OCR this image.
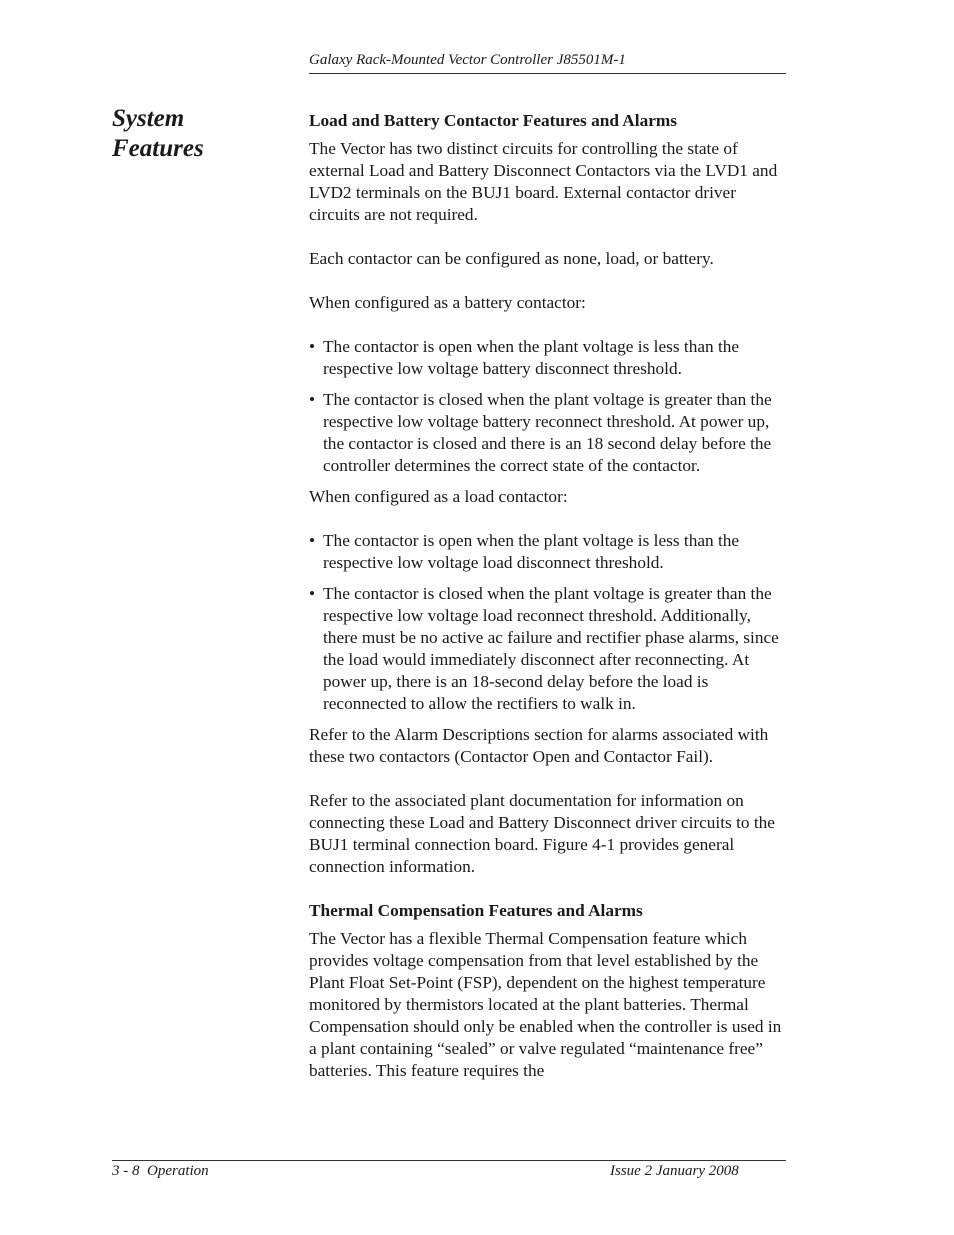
Galaxy Rack-Mounted Vector Controller J85501M-1
System
Features
Load and Battery Contactor Features and Alarms

The Vector has two distinct circuits for controlling the state of external Load and Battery Disconnect Contactors via the LVD1 and LVD2 terminals on the BUJ1 board. External contactor driver circuits are not required.

Each contactor can be configured as none, load, or battery.

When configured as a battery contactor:

• The contactor is open when the plant voltage is less than the respective low voltage battery disconnect threshold.
• The contactor is closed when the plant voltage is greater than the respective low voltage battery reconnect threshold. At power up, the contactor is closed and there is an 18 second delay before the controller determines the correct state of the contactor.

When configured as a load contactor:

• The contactor is open when the plant voltage is less than the respective low voltage load disconnect threshold.
• The contactor is closed when the plant voltage is greater than the respective low voltage load reconnect threshold. Additionally, there must be no active ac failure and rectifier phase alarms, since the load would immediately disconnect after reconnecting. At power up, there is an 18-second delay before the load is reconnected to allow the rectifiers to walk in.

Refer to the Alarm Descriptions section for alarms associated with these two contactors (Contactor Open and Contactor Fail).

Refer to the associated plant documentation for information on connecting these Load and Battery Disconnect driver circuits to the BUJ1 terminal connection board. Figure 4-1 provides general connection information.

Thermal Compensation Features and Alarms

The Vector has a flexible Thermal Compensation feature which provides voltage compensation from that level established by the Plant Float Set-Point (FSP), dependent on the highest temperature monitored by thermistors located at the plant batteries. Thermal Compensation should only be enabled when the controller is used in a plant containing “sealed” or valve regulated “maintenance free” batteries. This feature requires the

3 - 8  Operation	Issue 2 January 2008
